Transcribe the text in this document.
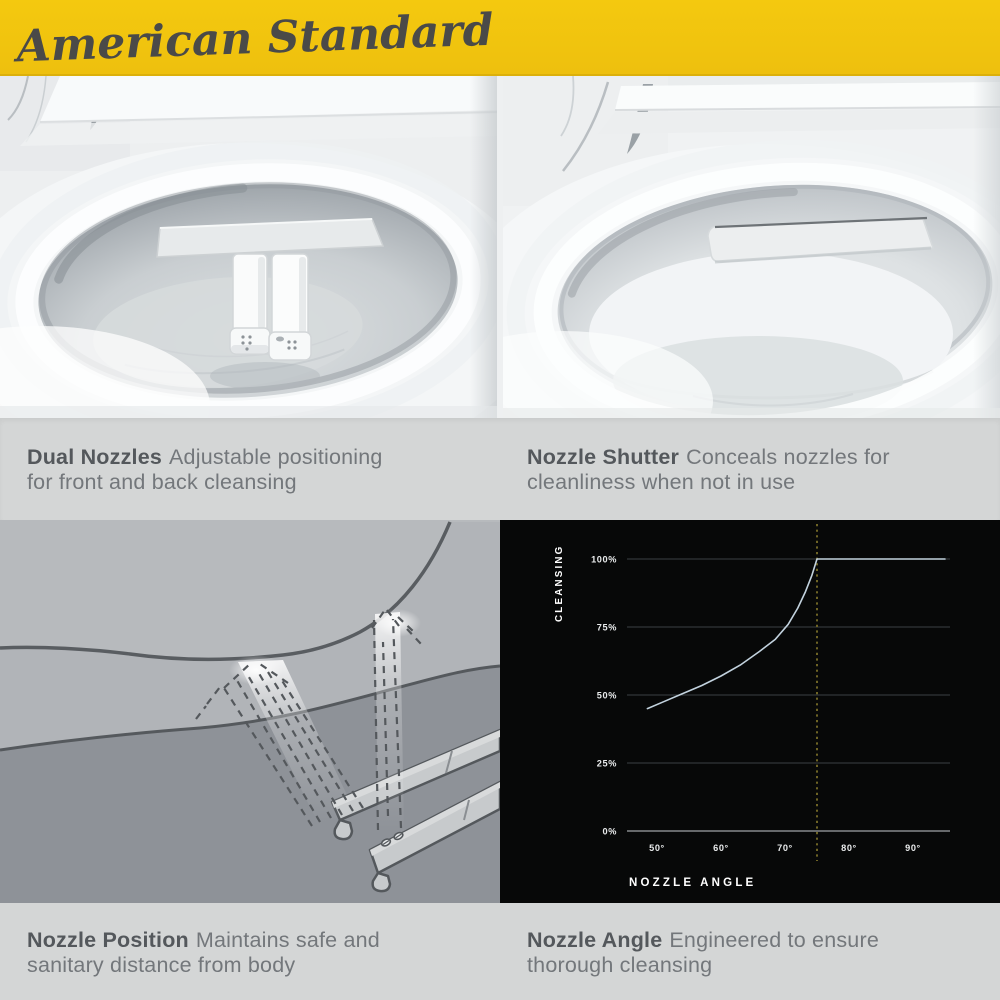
American Standard
Dual Nozzles Adjustable positioning for front and back cleansing
Nozzle Shutter Conceals nozzles for cleanliness when not in use
100%
75%
50%
25%
0%
50°	60°	70°	80°	90°
CLEANSING
NOZZLE ANGLE
Nozzle Position Maintains safe and sanitary distance from body
Nozzle Angle Engineered to ensure thorough cleansing
